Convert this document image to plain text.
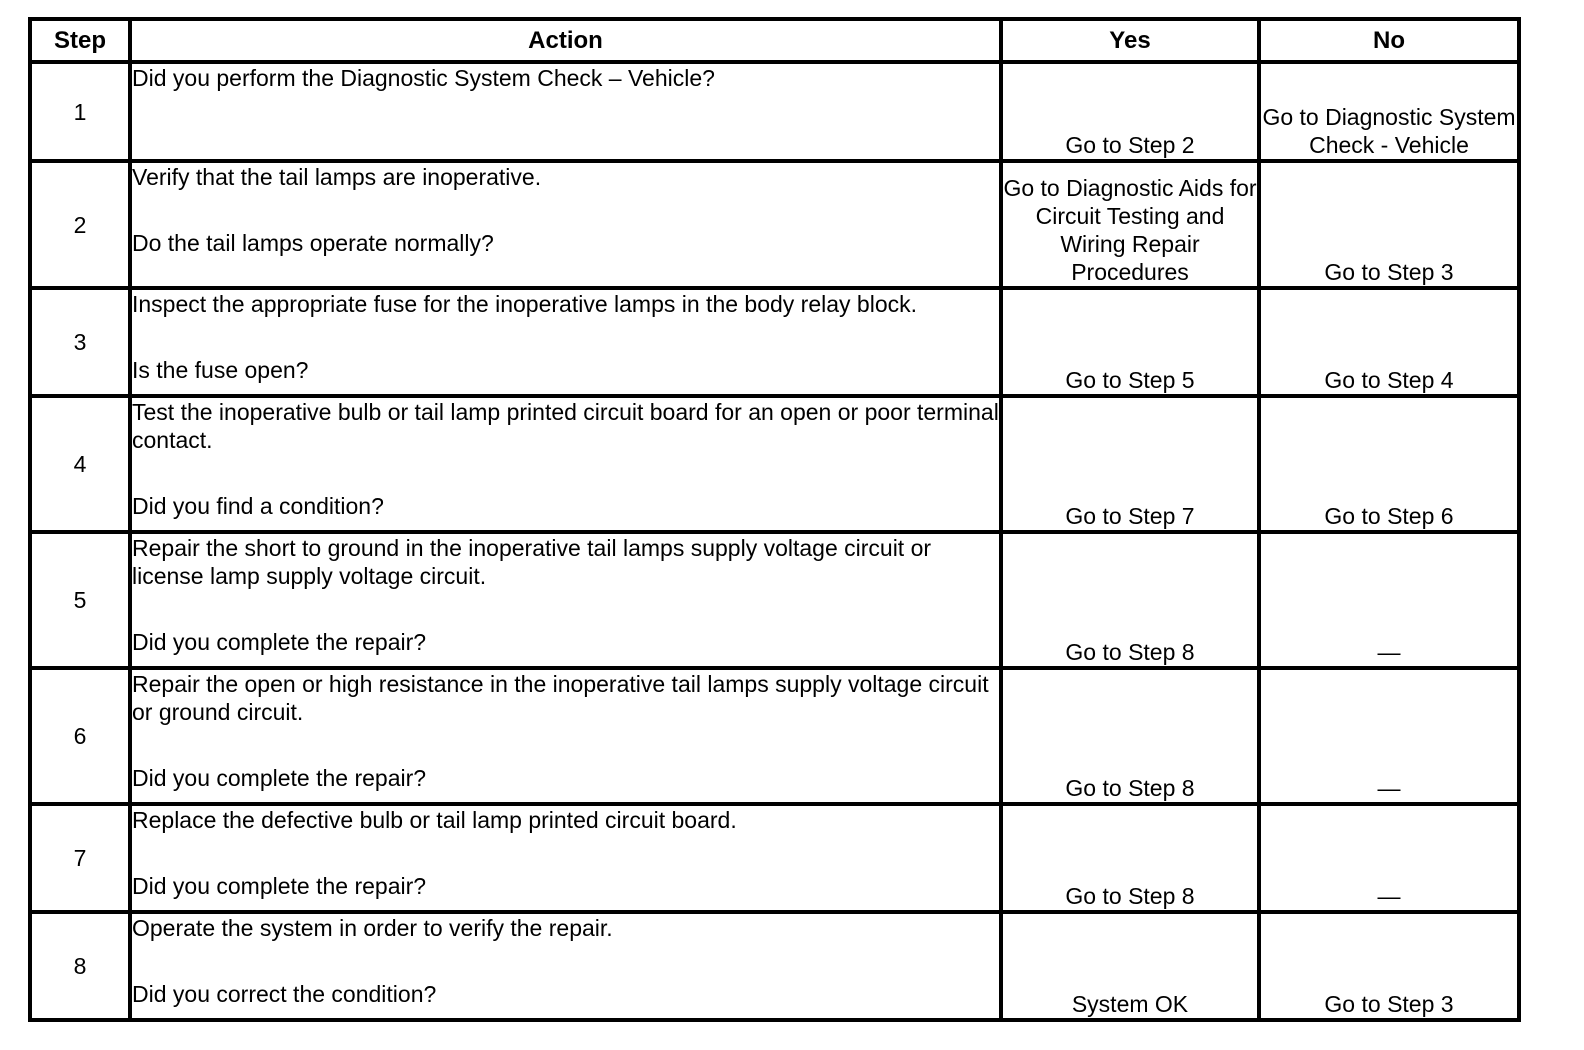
Step	Action	Yes	No
1	Did you perform the Diagnostic System Check – Vehicle?	Go to Step 2	Go to Diagnostic System Check - Vehicle
2	Verify that the tail lamps are inoperative.
Do the tail lamps operate normally?	Go to Diagnostic Aids for Circuit Testing and Wiring Repair Procedures	Go to Step 3
3	Inspect the appropriate fuse for the inoperative lamps in the body relay block.
Is the fuse open?	Go to Step 5	Go to Step 4
4	Test the inoperative bulb or tail lamp printed circuit board for an open or poor terminal contact.
Did you find a condition?	Go to Step 7	Go to Step 6
5	Repair the short to ground in the inoperative tail lamps supply voltage circuit or license lamp supply voltage circuit.
Did you complete the repair?	Go to Step 8	—
6	Repair the open or high resistance in the inoperative tail lamps supply voltage circuit or ground circuit.
Did you complete the repair?	Go to Step 8	—
7	Replace the defective bulb or tail lamp printed circuit board.
Did you complete the repair?	Go to Step 8	—
8	Operate the system in order to verify the repair.
Did you correct the condition?	System OK	Go to Step 3
